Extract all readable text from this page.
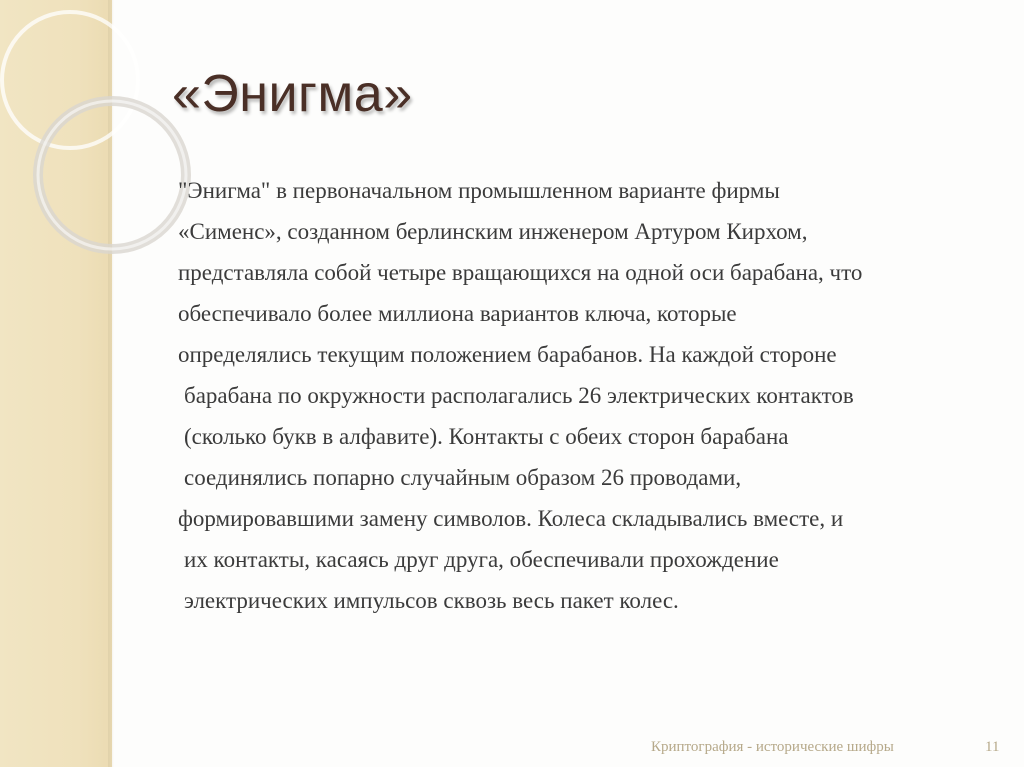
«Энигма»
"Энигма" в первоначальном промышленном варианте фирмы
«Сименс», созданном берлинским инженером Артуром Кирхом,
представляла собой четыре вращающихся на одной оси барабана, что
обеспечивало более миллиона вариантов ключа, которые
определялись текущим положением барабанов. На каждой стороне
барабана по окружности располагались 26 электрических контактов
(сколько букв в алфавите). Контакты с обеих сторон барабана
соединялись попарно случайным образом 26 проводами,
формировавшими замену символов. Колеса складывались вместе, и
их контакты, касаясь друг друга, обеспечивали прохождение
электрических импульсов сквозь весь пакет колес.
Криптография - исторические шифры	11
